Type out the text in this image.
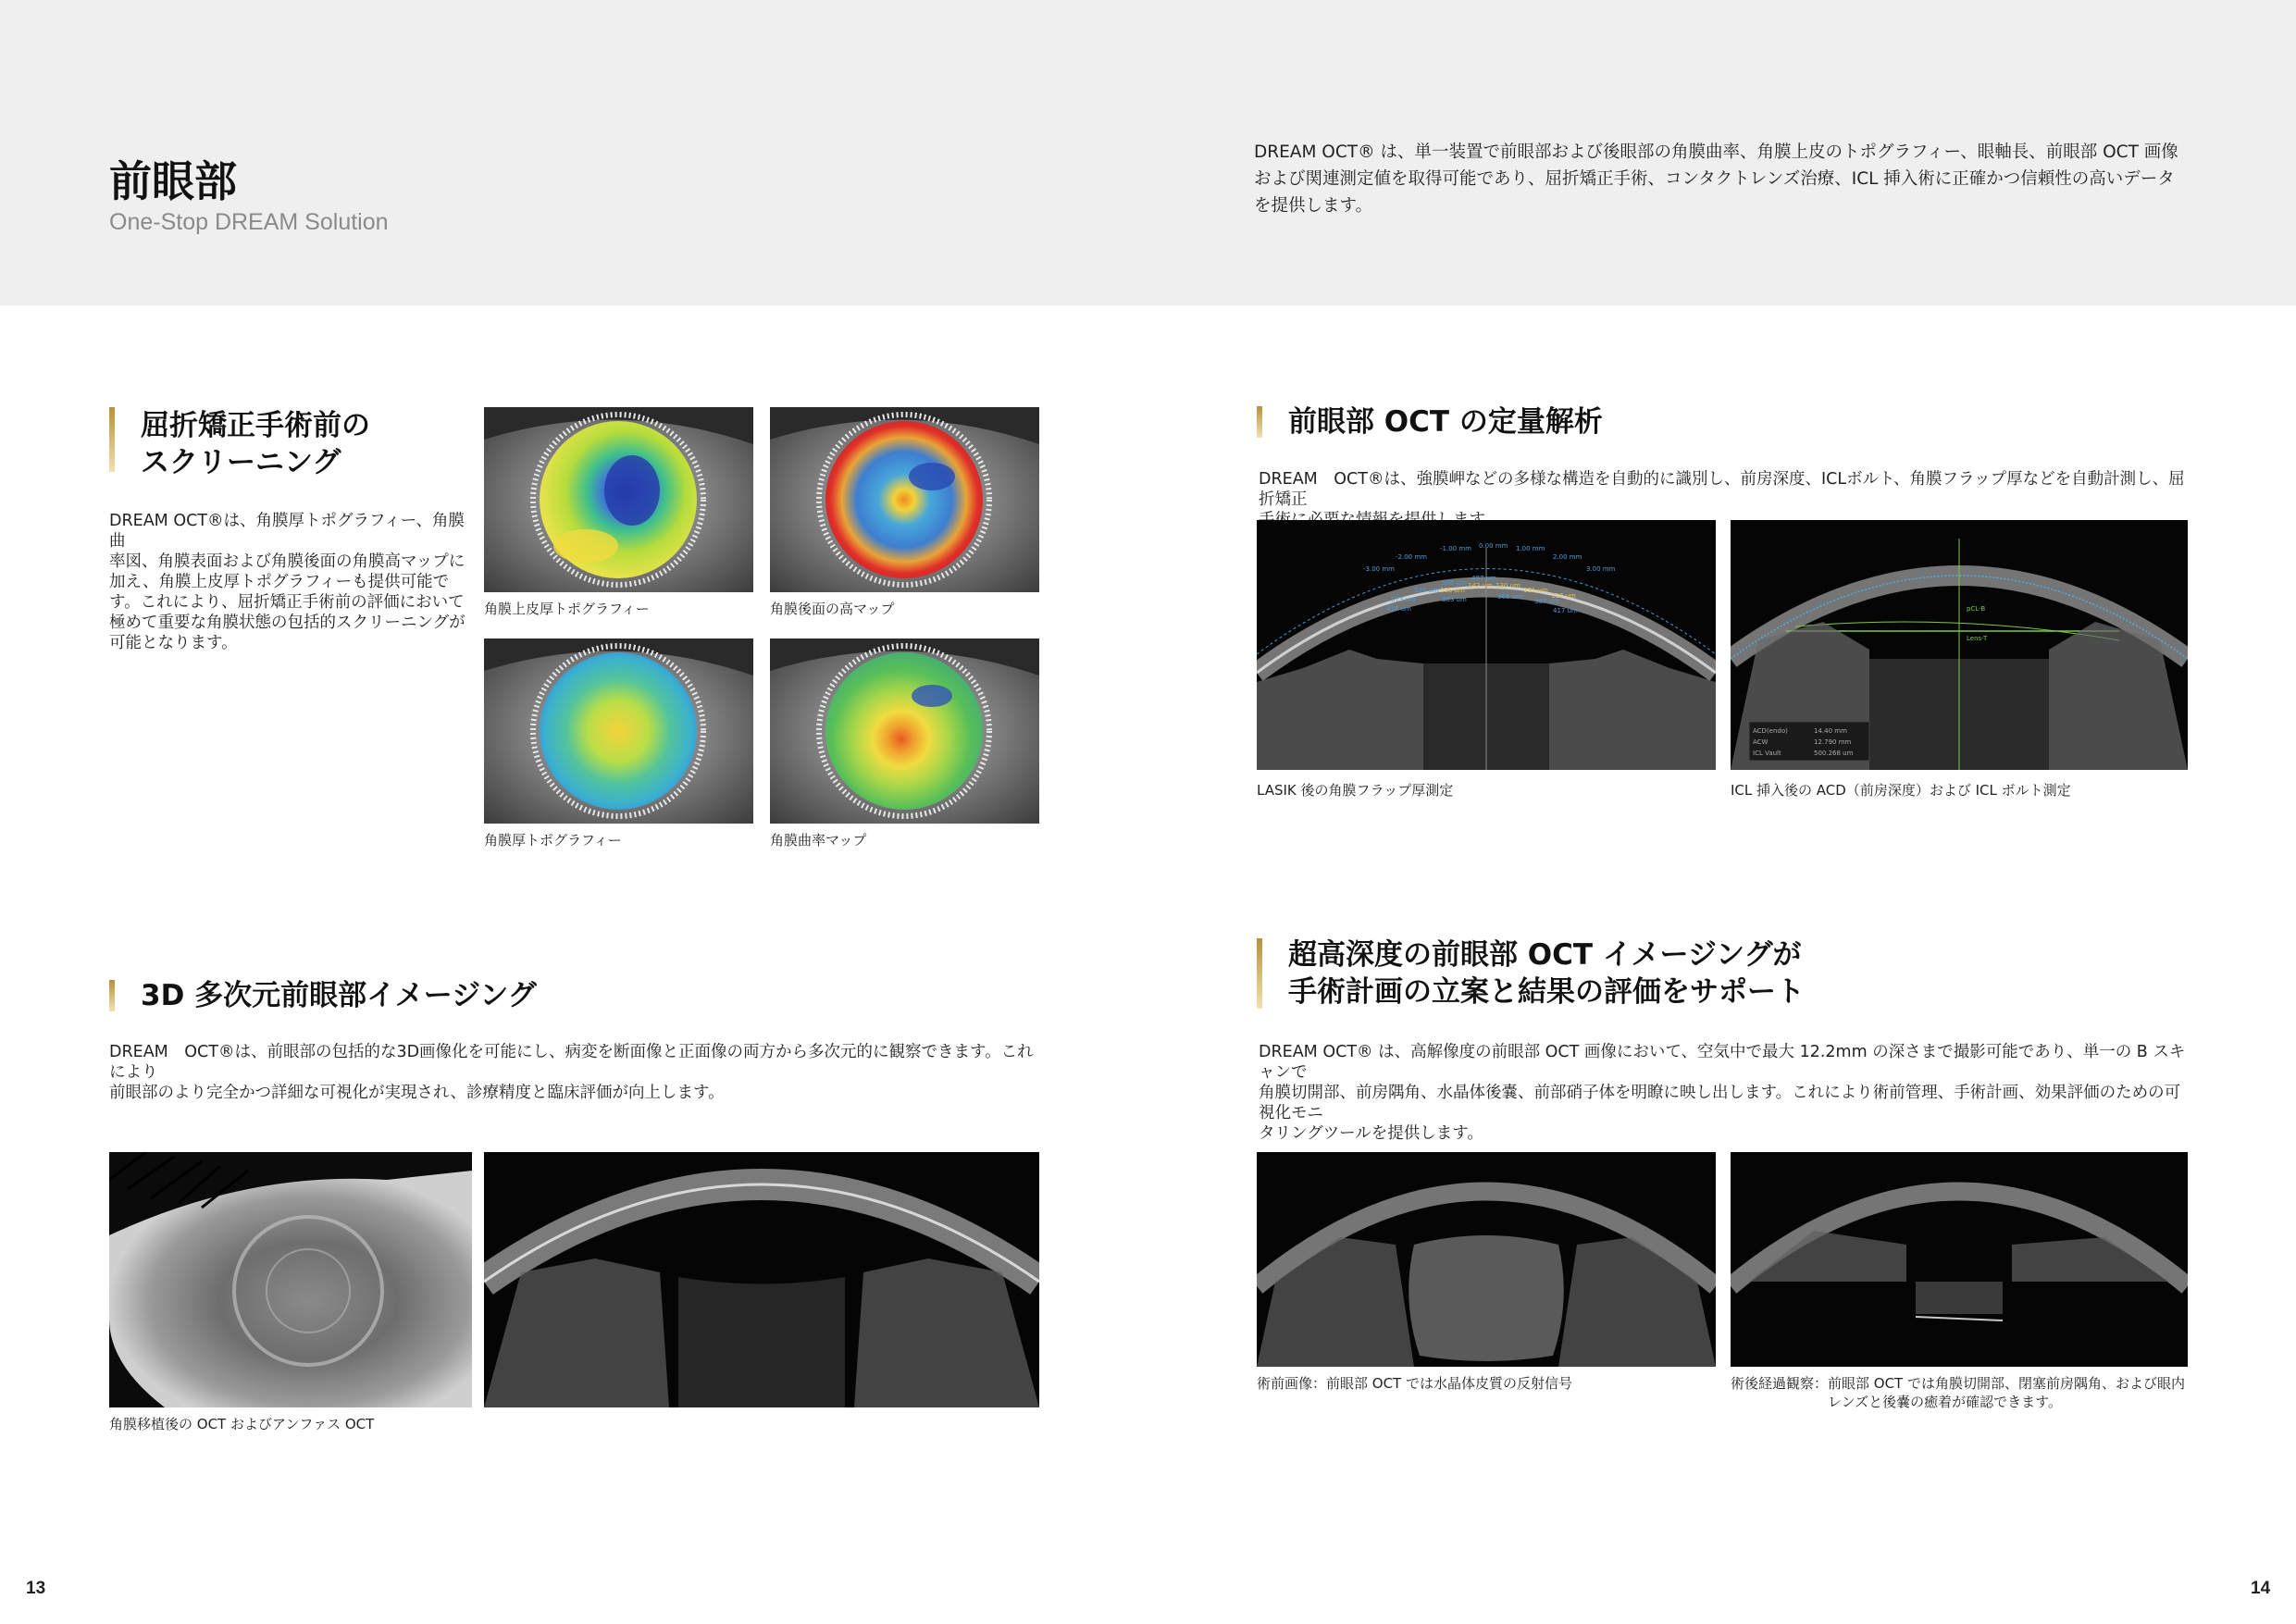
前眼部
One-Stop DREAM Solution
DREAM OCT® は、単一装置で前眼部および後眼部の角膜曲率、角膜上皮のトポグラフィー、眼軸長、前眼部 OCT 画像および関連測定値を取得可能であり、屈折矯正手術、コンタクトレンズ治療、ICL 挿入術に正確かつ信頼性の高いデータを提供します。
屈折矯正手術前の
スクリーニング
DREAM OCT®は、角膜厚トポグラフィー、角膜曲
率図、角膜表面および角膜後面の角膜高マップに
加え、角膜上皮厚トポグラフィーも提供可能で
す。これにより、屈折矯正手術前の評価において
極めて重要な角膜状態の包括的スクリーニングが
可能となります。
角膜上皮厚トポグラフィー	角膜後面の高マップ
角膜厚トポグラフィー	角膜曲率マップ
前眼部 OCT の定量解析
DREAM　OCT®は、強膜岬などの多様な構造を自動的に識別し、前房深度、ICLボルト、角膜フラップ厚などを自動計測し、屈折矯正

-3.00 mm
-2.00 mm
-1.00 mm 0.00 mm 1.00 mm
2.00 mm
3.00 mm
573 um
534 um
506 um
497 um
135 um
142 um 130 um
131 um
117 um
416 um
363 um	368 um
367 um
417 um
LASIK 後の角膜フラップ厚測定
pCL-B
Lens-T
ACD(endo)	14.40 mm
ACW	12.790 mm
ICL Vault	500.268 um
ICL 挿入後の ACD（前房深度）および ICL ボルト測定
3D 多次元前眼部イメージング
DREAM　OCT®は、前眼部の包括的な3D画像化を可能にし、病変を断面像と正面像の両方から多次元的に観察できます。これにより
前眼部のより完全かつ詳細な可視化が実現され、診療精度と臨床評価が向上します。
角膜移植後の OCT およびアンファス OCT
超高深度の前眼部 OCT イメージングが
手術計画の立案と結果の評価をサポート
DREAM OCT® は、高解像度の前眼部 OCT 画像において、空気中で最大 12.2mm の深さまで撮影可能であり、単一の B スキャンで
角膜切開部、前房隅角、水晶体後嚢、前部硝子体を明瞭に映し出します。これにより術前管理、手術計画、効果評価のための可視化モニ
タリングツールを提供します。
術前画像：前眼部 OCT では水晶体皮質の反射信号	術後経過観察：前眼部 OCT では角膜切開部、閉塞前房隅角、および眼内
　　　　　　　レンズと後嚢の癒着が確認できます。
13	14
